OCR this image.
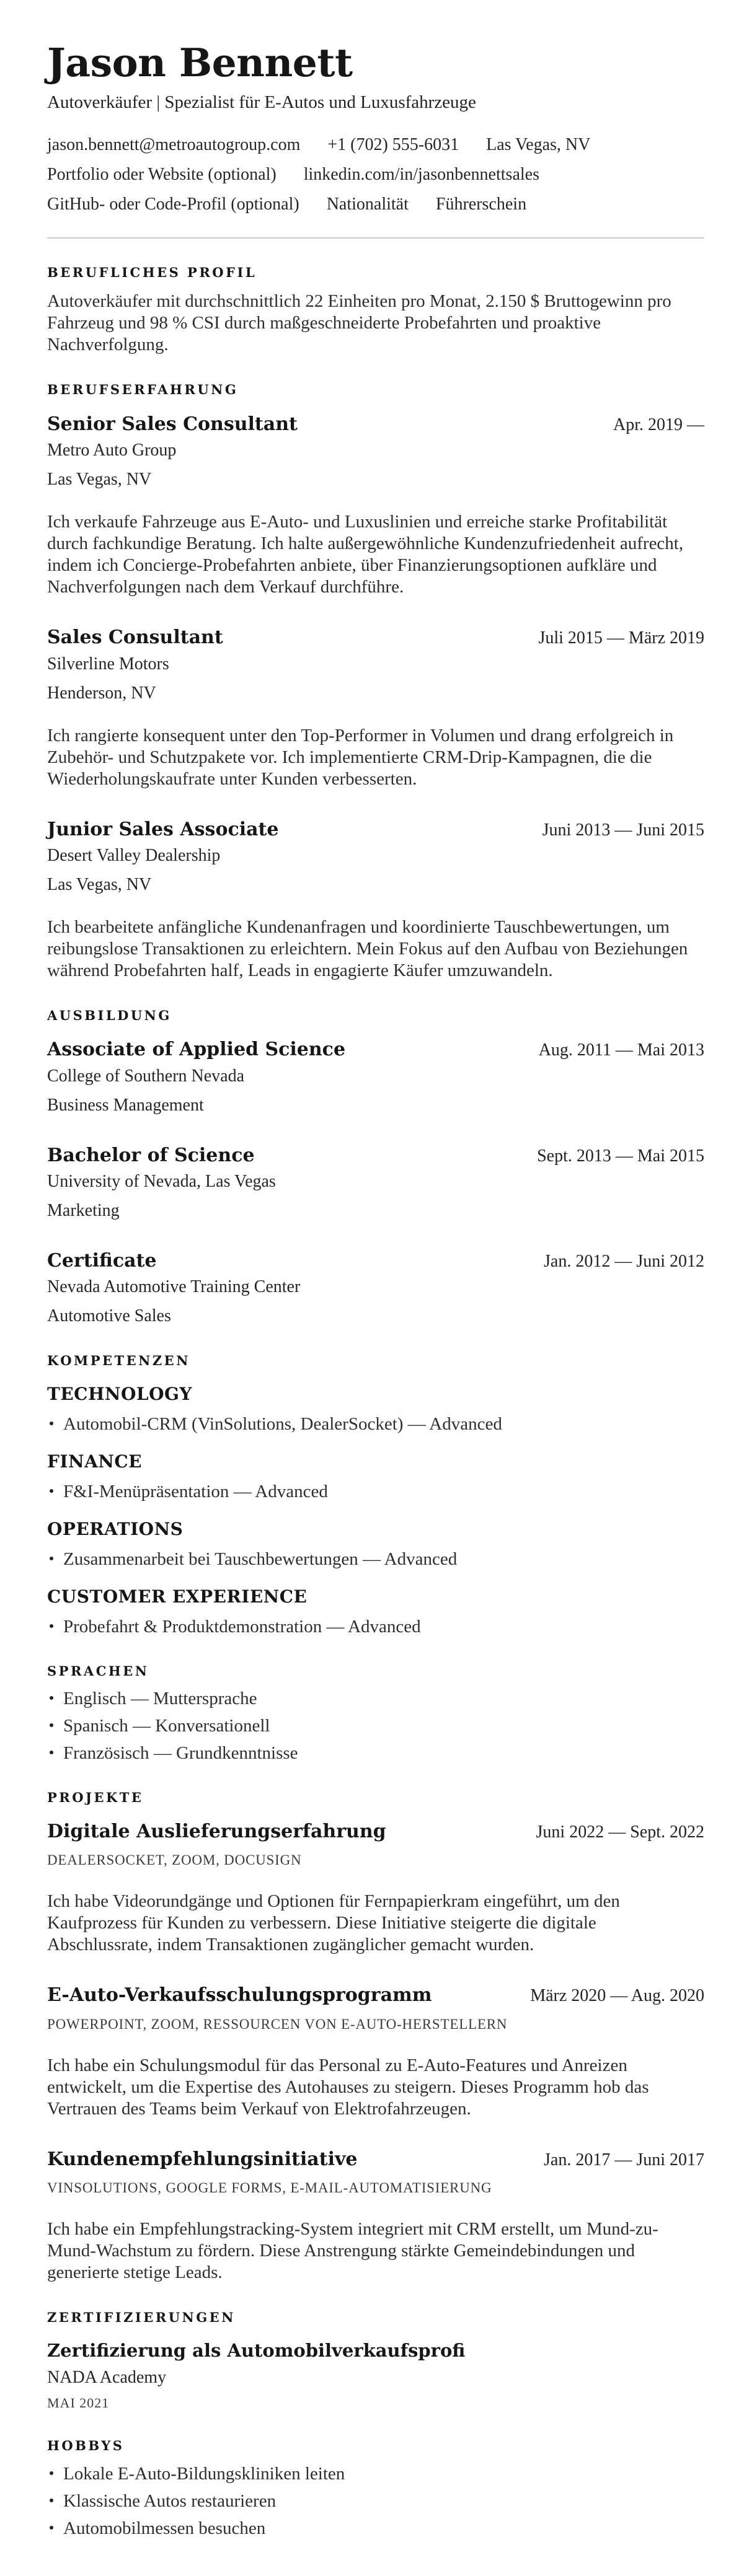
Jason Bennett
Autoverkäufer | Spezialist für E-Autos und Luxusfahrzeuge
jason.bennett@metroautogroup.com +1 (702) 555-6031 Las Vegas, NV
Portfolio oder Website (optional) linkedin.com/in/jasonbennettsales
GitHub- oder Code-Profil (optional) Nationalität Führerschein
BERUFLICHES PROFIL

Autoverkäufer mit durchschnittlich 22 Einheiten pro Monat, 2.150 $ Bruttogewinn pro Fahrzeug und 98 % CSI durch maßgeschneiderte Probefahrten und proaktive Nachverfolgung.

BERUFSERFAHRUNG
Senior Sales Consultant	Apr. 2019 —
Metro Auto Group
Las Vegas, NV

Ich verkaufe Fahrzeuge aus E-Auto- und Luxuslinien und erreiche starke Profitabilität durch fachkundige Beratung. Ich halte außergewöhnliche Kundenzufriedenheit aufrecht, indem ich Concierge-Probefahrten anbiete, über Finanzierungsoptionen aufkläre und Nachverfolgungen nach dem Verkauf durchführe.

Sales Consultant	Juli 2015 — März 2019
Silverline Motors
Henderson, NV

Ich rangierte konsequent unter den Top-Performer in Volumen und drang erfolgreich in Zubehör- und Schutzpakete vor. Ich implementierte CRM-Drip-Kampagnen, die die Wiederholungskaufrate unter Kunden verbesserten.

Junior Sales Associate	Juni 2013 — Juni 2015
Desert Valley Dealership
Las Vegas, NV

Ich bearbeitete anfängliche Kundenanfragen und koordinierte Tauschbewertungen, um reibungslose Transaktionen zu erleichtern. Mein Fokus auf den Aufbau von Beziehungen während Probefahrten half, Leads in engagierte Käufer umzuwandeln.

AUSBILDUNG
Associate of Applied Science	Aug. 2011 — Mai 2013
College of Southern Nevada
Business Management
Bachelor of Science	Sept. 2013 — Mai 2015
University of Nevada, Las Vegas
Marketing
Certificate	Jan. 2012 — Juni 2012
Nevada Automotive Training Center
Automotive Sales
KOMPETENZEN
TECHNOLOGY
Automobil-CRM (VinSolutions, DealerSocket) — Advanced
FINANCE
F&I-Menüpräsentation — Advanced
OPERATIONS
Zusammenarbeit bei Tauschbewertungen — Advanced
CUSTOMER EXPERIENCE
Probefahrt & Produktdemonstration — Advanced
SPRACHEN
Englisch — Muttersprache
Spanisch — Konversationell
Französisch — Grundkenntnisse
PROJEKTE
Digitale Auslieferungserfahrung	Juni 2022 — Sept. 2022
DEALERSOCKET, ZOOM, DOCUSIGN

Ich habe Videorundgänge und Optionen für Fernpapierkram eingeführt, um den Kaufprozess für Kunden zu verbessern. Diese Initiative steigerte die digitale Abschlussrate, indem Transaktionen zugänglicher gemacht wurden.

E-Auto-Verkaufsschulungsprogramm	März 2020 — Aug. 2020
POWERPOINT, ZOOM, RESSOURCEN VON E-AUTO-HERSTELLERN

Ich habe ein Schulungsmodul für das Personal zu E-Auto-Features und Anreizen entwickelt, um die Expertise des Autohauses zu steigern. Dieses Programm hob das Vertrauen des Teams beim Verkauf von Elektrofahrzeugen.

Kundenempfehlungsinitiative	Jan. 2017 — Juni 2017
VINSOLUTIONS, GOOGLE FORMS, E-MAIL-AUTOMATISIERUNG

Ich habe ein Empfehlungstracking-System integriert mit CRM erstellt, um Mund-zu-Mund-Wachstum zu fördern. Diese Anstrengung stärkte Gemeindebindungen und generierte stetige Leads.

ZERTIFIZIERUNGEN
Zertifizierung als Automobilverkaufsprofi
NADA Academy
MAI 2021
HOBBYS
Lokale E-Auto-Bildungskliniken leiten
Klassische Autos restaurieren
Automobilmessen besuchen
